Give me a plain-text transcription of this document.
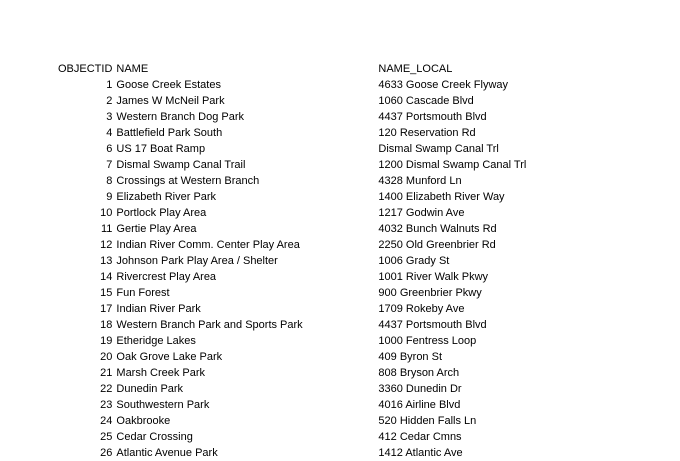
OBJECTID	NAME	NAME_LOCAL
1	Goose Creek Estates	4633 Goose Creek Flyway
2	James W McNeil Park	1060 Cascade Blvd
3	Western Branch Dog Park	4437 Portsmouth Blvd
4	Battlefield Park South	120 Reservation Rd
6	US 17 Boat Ramp	Dismal Swamp Canal Trl
7	Dismal Swamp Canal Trail	1200 Dismal Swamp Canal Trl
8	Crossings at Western Branch	4328 Munford Ln
9	Elizabeth River Park	1400 Elizabeth River Way
10	Portlock Play Area	1217 Godwin Ave
11	Gertie Play Area	4032 Bunch Walnuts Rd
12	Indian River Comm. Center Play Area	2250 Old Greenbrier Rd
13	Johnson Park Play Area / Shelter	1006 Grady St
14	Rivercrest Play Area	1001 River Walk Pkwy
15	Fun Forest	900 Greenbrier Pkwy
17	Indian River Park	1709 Rokeby Ave
18	Western Branch Park and Sports Park	4437 Portsmouth Blvd
19	Etheridge Lakes	1000 Fentress Loop
20	Oak Grove Lake Park	409 Byron St
21	Marsh Creek Park	808 Bryson Arch
22	Dunedin Park	3360 Dunedin Dr
23	Southwestern Park	4016 Airline Blvd
24	Oakbrooke	520 Hidden Falls Ln
25	Cedar Crossing	412 Cedar Cmns
26	Atlantic Avenue Park	1412 Atlantic Ave
